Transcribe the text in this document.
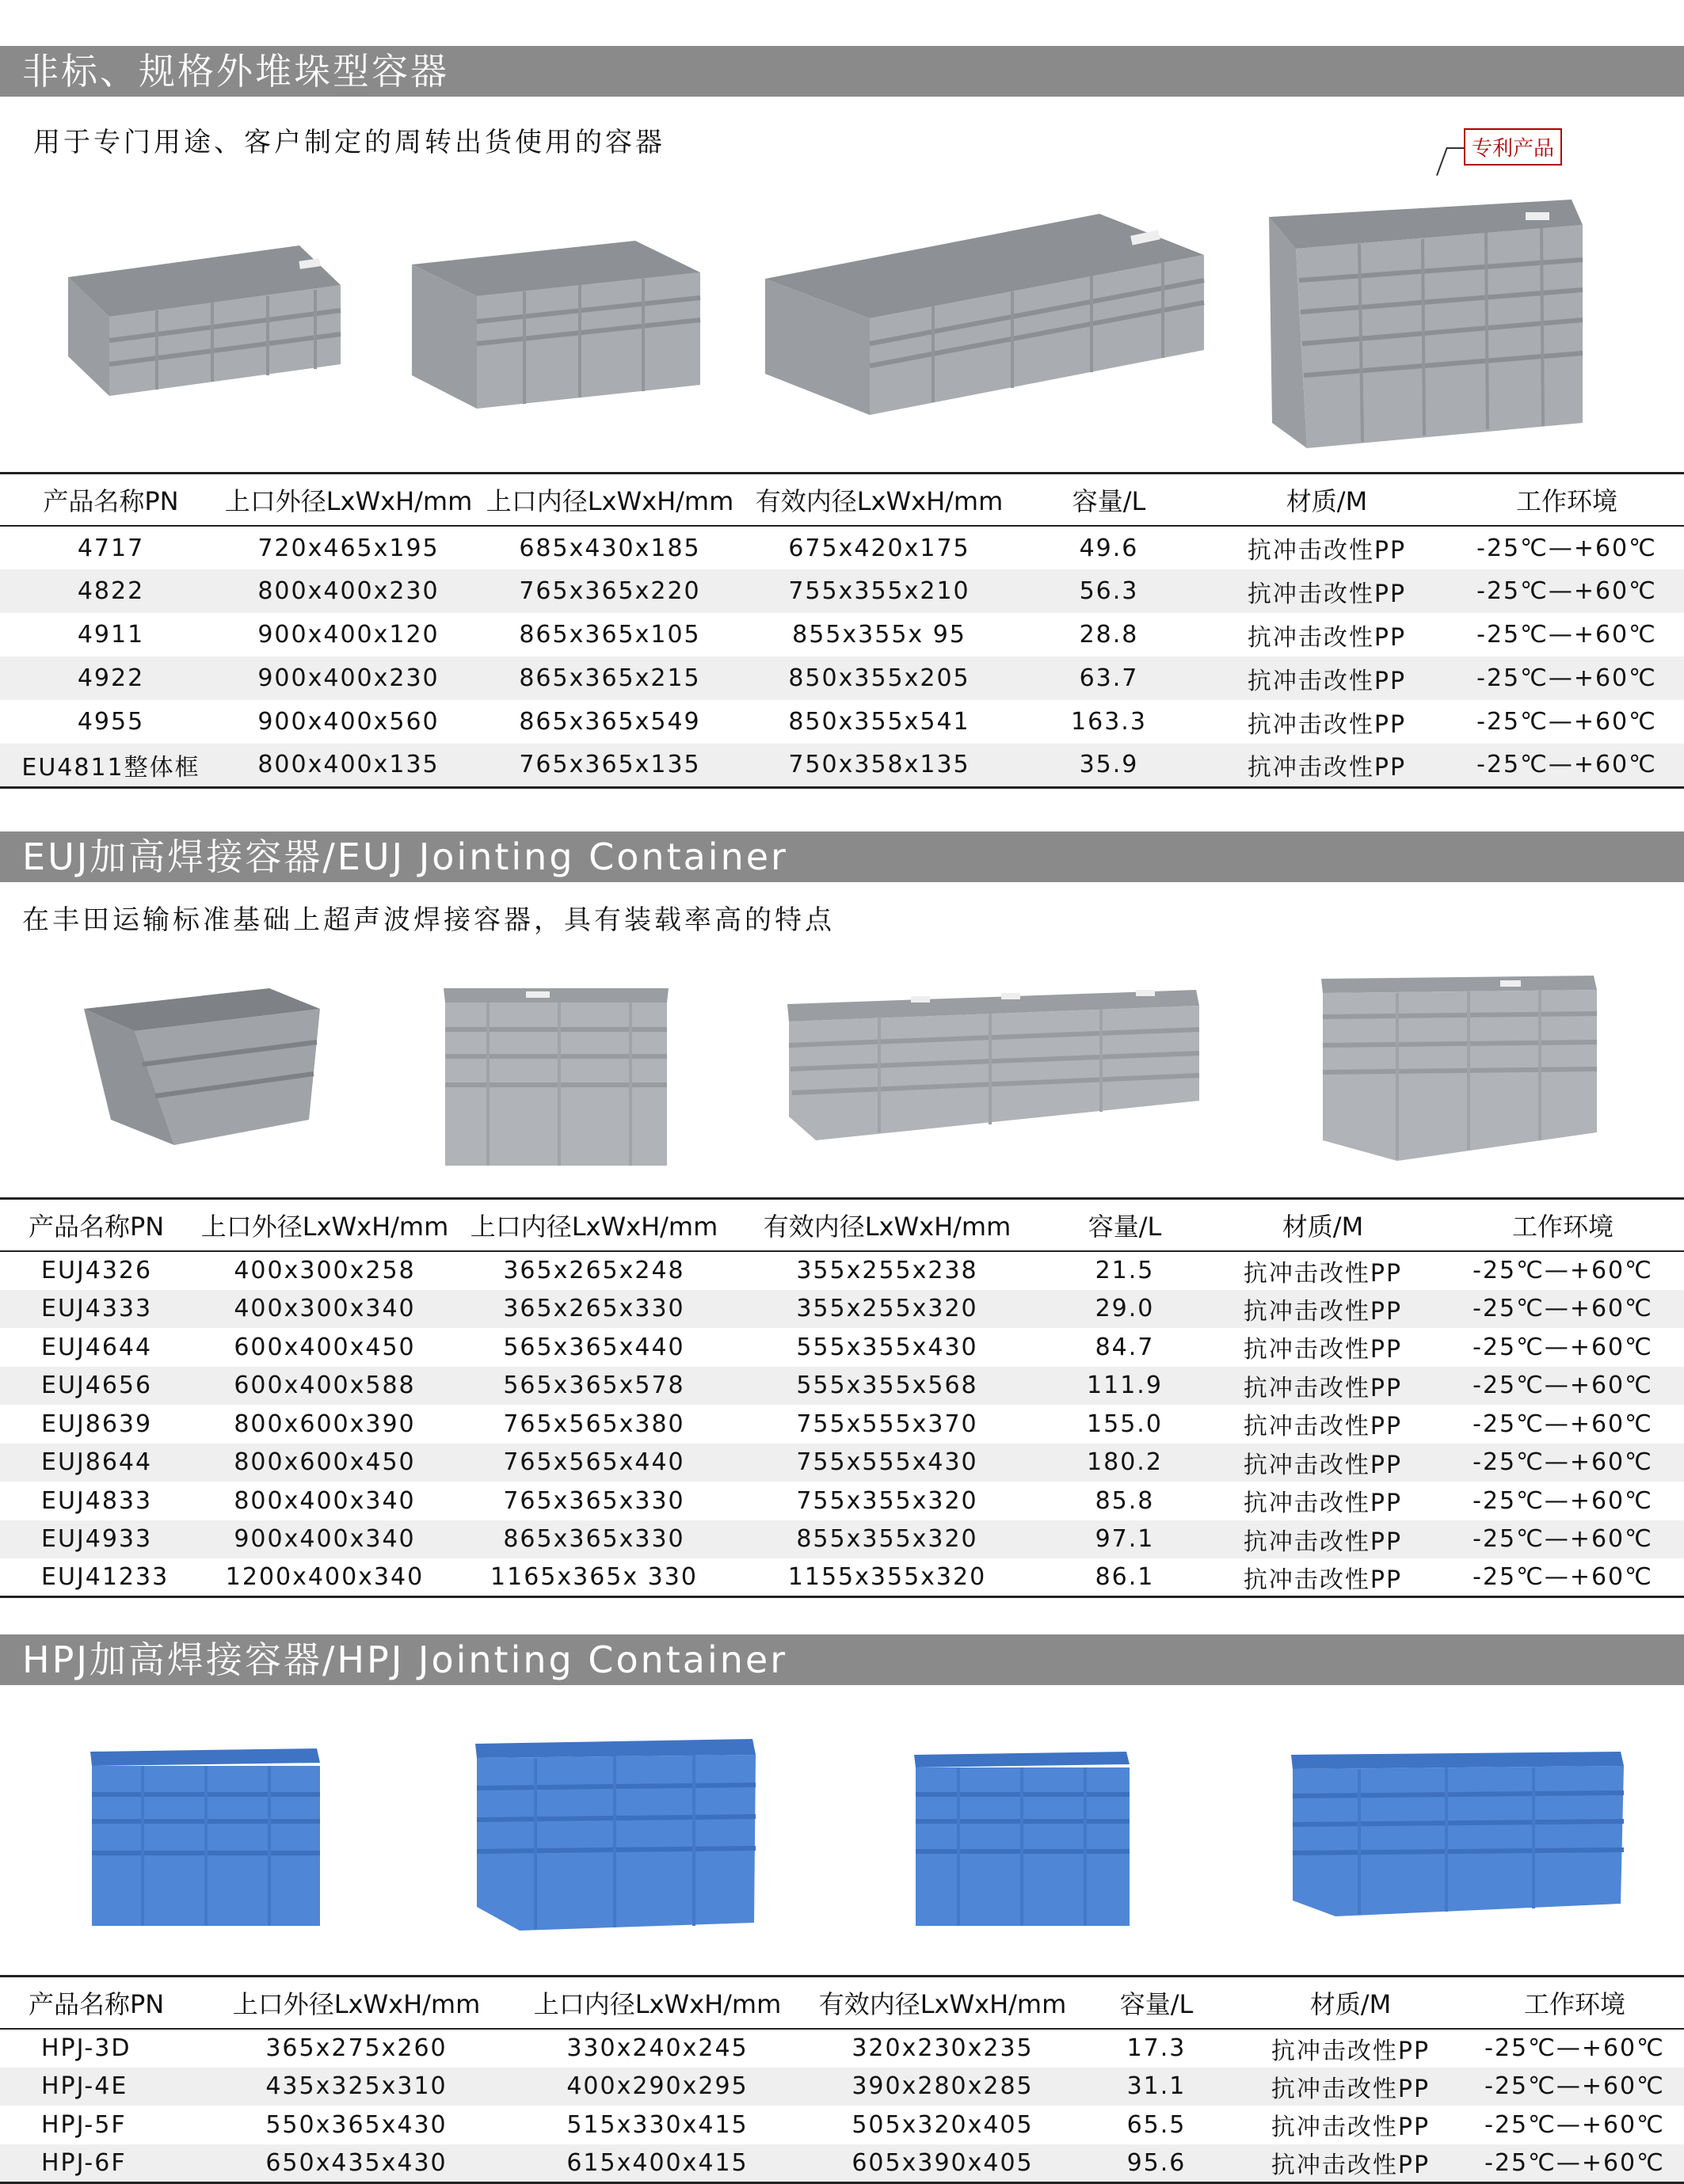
非标、规格外堆垛型容器
用于专门用途、客户制定的周转出货使用的容器	专利产品
产品名称PN	上口外径LxWxH/mm	上口内径LxWxH/mm	有效内径LxWxH/mm	容量/L	材质/M	工作环境
4717	720x465x195	685x430x185	675x420x175	49.6	抗冲击改性PP	-25℃—+60℃
4822	800x400x230	765x365x220	755x355x210	56.3	抗冲击改性PP	-25℃—+60℃
4911	900x400x120	865x365x105	855x355x 95	28.8	抗冲击改性PP	-25℃—+60℃
4922	900x400x230	865x365x215	850x355x205	63.7	抗冲击改性PP	-25℃—+60℃
4955	900x400x560	865x365x549	850x355x541	163.3	抗冲击改性PP	-25℃—+60℃
EU4811整体框	800x400x135	765x365x135	750x358x135	35.9	抗冲击改性PP	-25℃—+60℃
EUJ加高焊接容器/EUJ Jointing Container
在丰田运输标准基础上超声波焊接容器，具有装载率高的特点
产品名称PN	上口外径LxWxH/mm	上口内径LxWxH/mm	有效内径LxWxH/mm	容量/L	材质/M	工作环境
EUJ4326	400x300x258	365x265x248	355x255x238	21.5	抗冲击改性PP	-25℃—+60℃
EUJ4333	400x300x340	365x265x330	355x255x320	29.0	抗冲击改性PP	-25℃—+60℃
EUJ4644	600x400x450	565x365x440	555x355x430	84.7	抗冲击改性PP	-25℃—+60℃
EUJ4656	600x400x588	565x365x578	555x355x568	111.9	抗冲击改性PP	-25℃—+60℃
EUJ8639	800x600x390	765x565x380	755x555x370	155.0	抗冲击改性PP	-25℃—+60℃
EUJ8644	800x600x450	765x565x440	755x555x430	180.2	抗冲击改性PP	-25℃—+60℃
EUJ4833	800x400x340	765x365x330	755x355x320	85.8	抗冲击改性PP	-25℃—+60℃
EUJ4933	900x400x340	865x365x330	855x355x320	97.1	抗冲击改性PP	-25℃—+60℃
EUJ41233	1200x400x340	1165x365x 330	1155x355x320	86.1	抗冲击改性PP	-25℃—+60℃
HPJ加高焊接容器/HPJ Jointing Container
产品名称PN	上口外径LxWxH/mm	上口内径LxWxH/mm	有效内径LxWxH/mm	容量/L	材质/M	工作环境
HPJ-3D	365x275x260	330x240x245	320x230x235	17.3	抗冲击改性PP	-25℃—+60℃
HPJ-4E	435x325x310	400x290x295	390x280x285	31.1	抗冲击改性PP	-25℃—+60℃
HPJ-5F	550x365x430	515x330x415	505x320x405	65.5	抗冲击改性PP	-25℃—+60℃
HPJ-6F	650x435x430	615x400x415	605x390x405	95.6	抗冲击改性PP	-25℃—+60℃
